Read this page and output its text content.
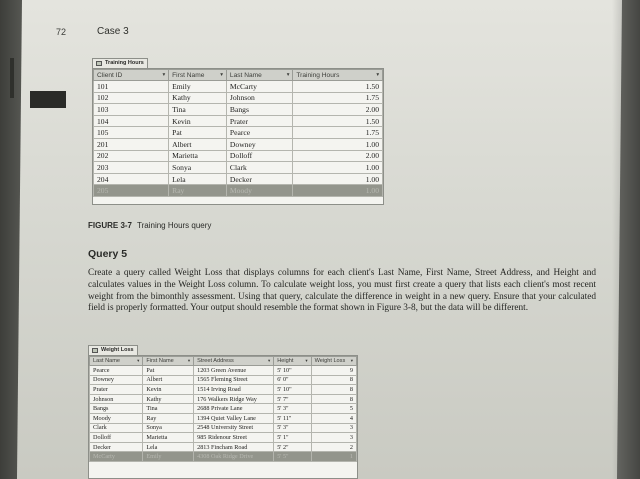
72	Case 3
Training Hours
Client ID ▾	First Name ▾	Last Name ▾	Training Hours ▾

101	Emily	McCarty	1.50
102	Kathy	Johnson	1.75
103	Tina	Bangs	2.00
104	Kevin	Prater	1.50
105	Pat	Pearce	1.75
201	Albert	Downey	1.00
202	Marietta	Dolloff	2.00
203	Sonya	Clark	1.00
204	Lela	Decker	1.00
205	Ray	Moody	1.00
FIGURE 3-7 Training Hours query
Query 5
Create a query called Weight Loss that displays columns for each client's Last Name, First Name, Street Address, and Height and calculates values in the Weight Loss column. To calculate weight loss, you must first create a query that lists each client's most recent weight from the bimonthly assessment. Using that query, calculate the difference in weight in a new query. Ensure that your calculated field is properly formatted. Your output should resemble the format shown in Figure 3-8, but the data will be different.
Weight Loss
Last Name ▾	First Name ▾	Street Address ▾	Height ▾	Weight Loss ▾

Pearce	Pat	1203 Green Avenue	5' 10"	9
Downey	Albert	1565 Fleming Street	6' 0"	8
Prater	Kevin	1514 Irving Road	5' 10"	8
Johnson	Kathy	176 Walkers Ridge Way	5' 7"	8
Bangs	Tina	2688 Private Lane	5' 3"	5
Moody	Ray	1394 Quiet Valley Lane	5' 11"	4
Clark	Sonya	2548 University Street	5' 3"	3
Dolloff	Marietta	985 Ridenour Street	5' 1"	3
Decker	Lela	2813 Fincham Road	5' 2"	2
McCarty	Emily	4308 Oak Ridge Drive	5' 5"	1
